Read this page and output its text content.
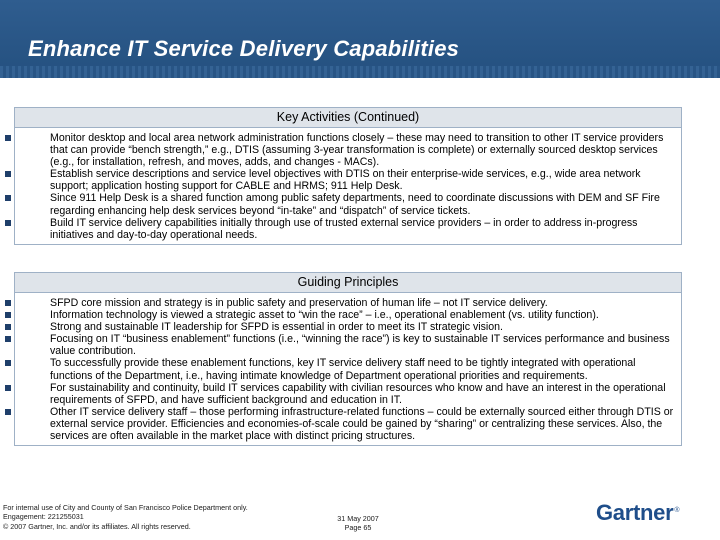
Enhance IT Service Delivery Capabilities
Key Activities (Continued)
Monitor desktop and local area network administration functions closely – these may need to transition to other IT service providers that can provide “bench strength,” e.g., DTIS (assuming 3-year transformation is complete) or externally sourced desktop services (e.g., for installation, refresh, and moves, adds, and changes - MACs).
Establish service descriptions and service level objectives with DTIS on their enterprise-wide services, e.g., wide area network support; application hosting support for CABLE and HRMS; 911 Help Desk.
Since 911 Help Desk is a shared function among public safety departments, need to coordinate discussions with DEM and SF Fire regarding enhancing help desk services beyond “in-take” and “dispatch” of service tickets.
Build IT service delivery capabilities initially through use of trusted external service providers – in order to address in-progress initiatives and day-to-day operational needs.
Guiding Principles
SFPD core mission and strategy is in public safety and preservation of human life – not IT service delivery.
Information technology is viewed a strategic asset to “win the race” – i.e., operational enablement (vs. utility function).
Strong and sustainable IT leadership for SFPD is essential in order to meet its IT strategic vision.
Focusing on IT “business enablement” functions (i.e., “winning the race”) is key to sustainable IT services performance and business value contribution.
To successfully provide these enablement functions, key IT service delivery staff need to be tightly integrated with operational functions of the Department, i.e., having intimate knowledge of Department operational priorities and requirements.
For sustainability and continuity, build IT services capability with civilian resources who know and have an interest in the operational requirements of SFPD, and have sufficient background and education in IT.
Other IT service delivery staff – those performing infrastructure-related functions – could be externally sourced either through DTIS or external service provider. Efficiencies and economies-of-scale could be gained by “sharing” or centralizing these services. Also, the services are often available in the market place with distinct pricing structures.
For internal use of City and County of San Francisco Police Department only.
Engagement: 221255031
© 2007 Gartner, Inc. and/or its affiliates. All rights reserved.
31 May 2007
Page 65
Gartner®
